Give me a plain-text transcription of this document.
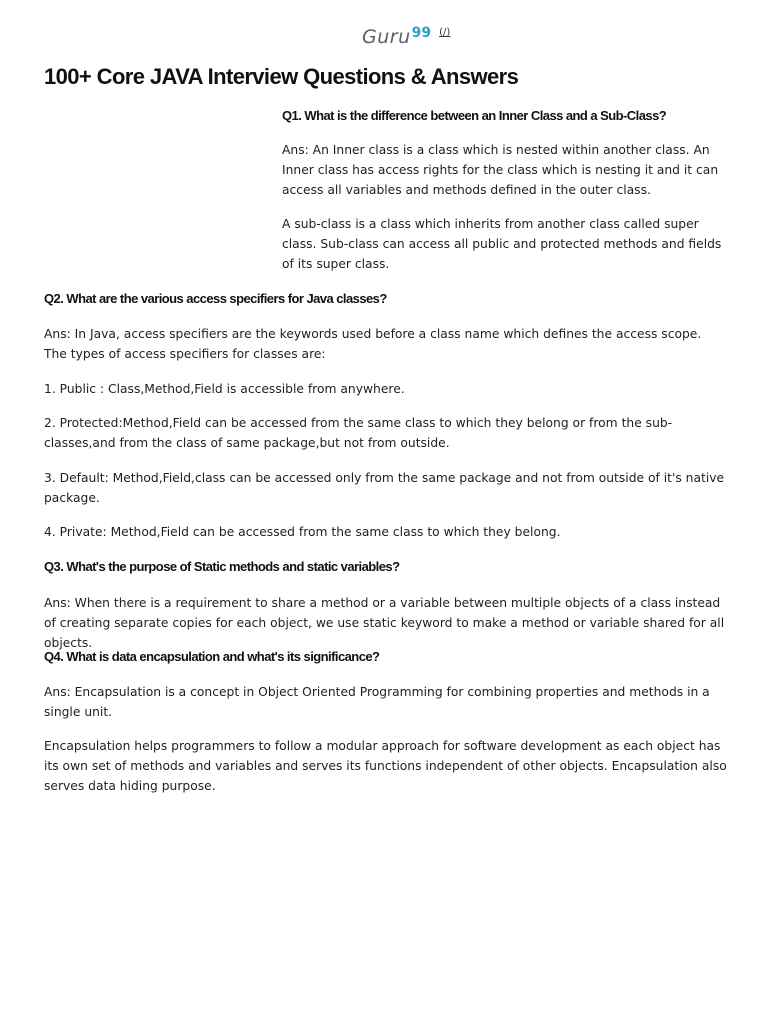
Guru 99 (/)
100+ Core JAVA Interview Questions & Answers
Q1. What is the difference between an Inner Class and a Sub-Class?

Ans: An Inner class is a class which is nested within another class. An Inner class has access rights for the class which is nesting it and it can access all variables and methods defined in the outer class.

A sub-class is a class which inherits from another class called super class. Sub-class can access all public and protected methods and fields of its super class.

Q2. What are the various access specifiers for Java classes?

Ans: In Java, access specifiers are the keywords used before a class name which defines the access scope. The types of access specifiers for classes are:

1. Public : Class,Method,Field is accessible from anywhere.

2. Protected:Method,Field can be accessed from the same class to which they belong or from the sub-classes,and from the class of same package,but not from outside.

3. Default: Method,Field,class can be accessed only from the same package and not from outside of it's native package.

4. Private: Method,Field can be accessed from the same class to which they belong.

Q3. What's the purpose of Static methods and static variables?

Ans: When there is a requirement to share a method or a variable between multiple objects of a class instead of creating separate copies for each object, we use static keyword to make a method or variable shared for all objects.

Q4. What is data encapsulation and what's its significance?

Ans: Encapsulation is a concept in Object Oriented Programming for combining properties and methods in a single unit.

Encapsulation helps programmers to follow a modular approach for software development as each object has its own set of methods and variables and serves its functions independent of other objects. Encapsulation also serves data hiding purpose.
